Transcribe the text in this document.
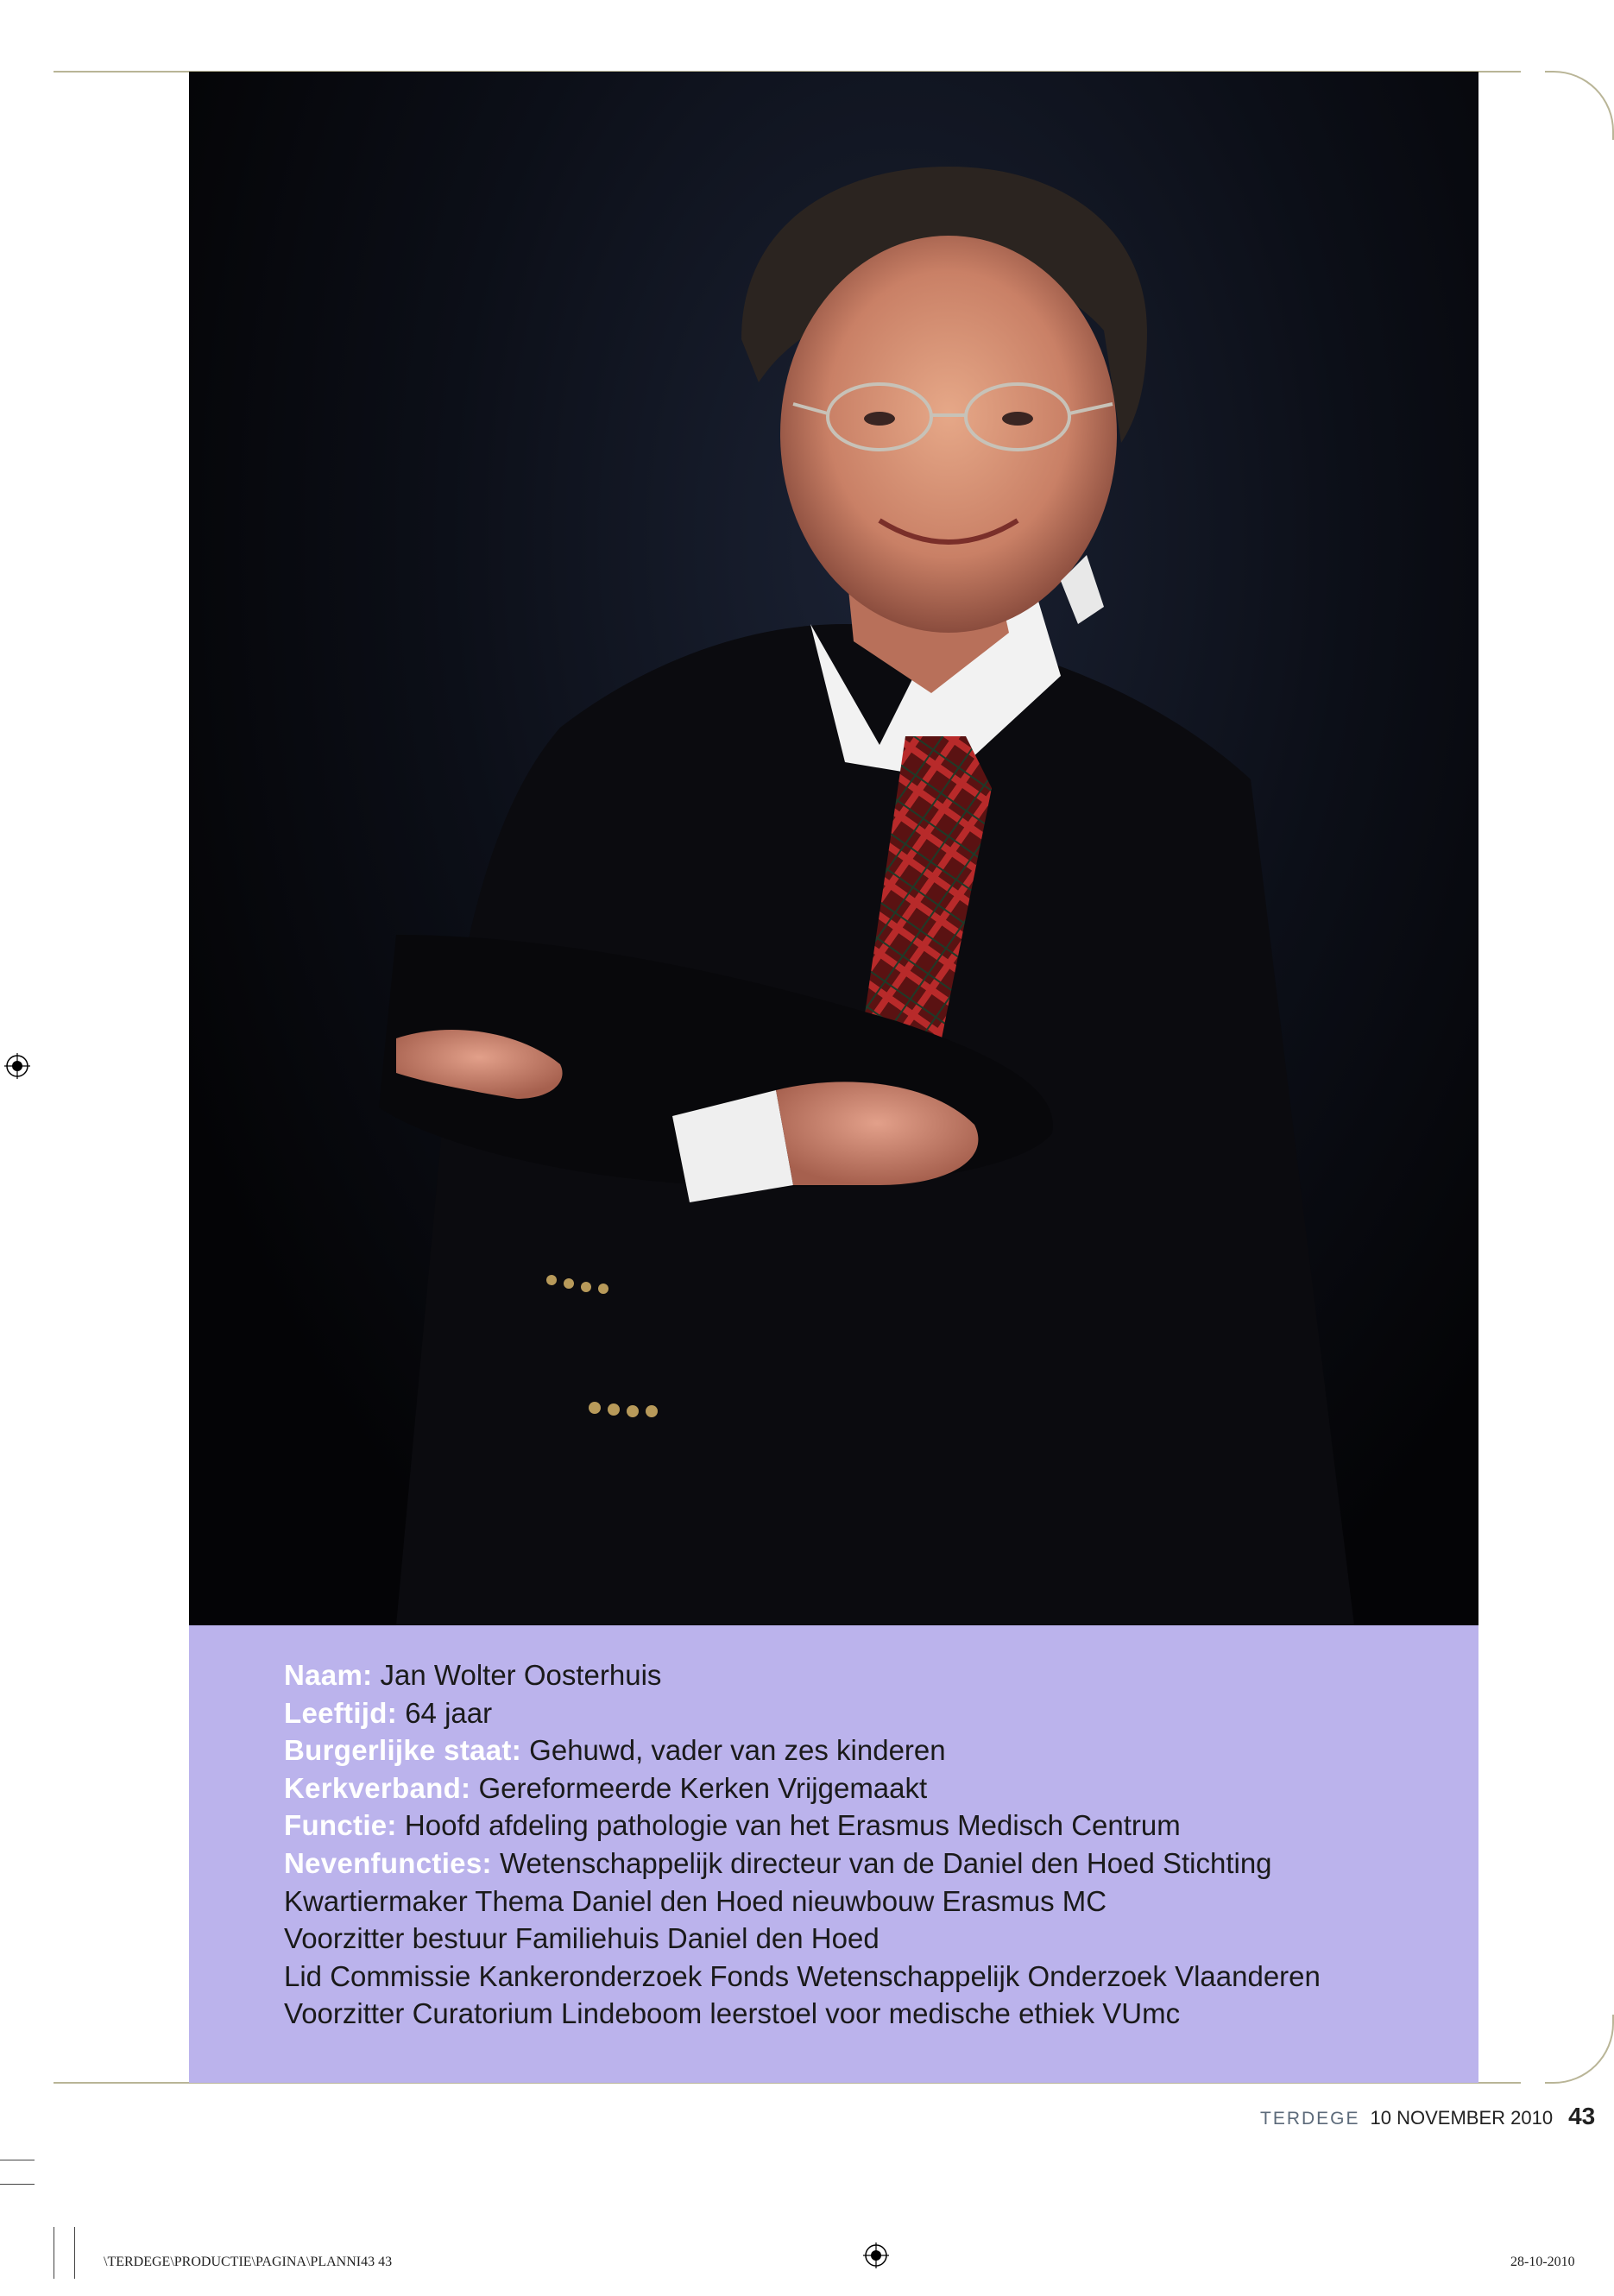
Naam: Jan Wolter Oosterhuis
Leeftijd: 64 jaar
Burgerlijke staat: Gehuwd, vader van zes kinderen
Kerkverband: Gereformeerde Kerken Vrijgemaakt
Functie: Hoofd afdeling pathologie van het Erasmus Medisch Centrum
Nevenfuncties: Wetenschappelijk directeur van de Daniel den Hoed Stichting
Kwartiermaker Thema Daniel den Hoed nieuwbouw Erasmus MC
Voorzitter bestuur Familiehuis Daniel den Hoed
Lid Commissie Kankeronderzoek Fonds Wetenschappelijk Onderzoek Vlaanderen
Voorzitter Curatorium Lindeboom leerstoel voor medische ethiek VUmc
TERDEGE 10 NOVEMBER 2010 43
\TERDEGE\PRODUCTIE\PAGINA\PLANNI43 43	28-10-2010
